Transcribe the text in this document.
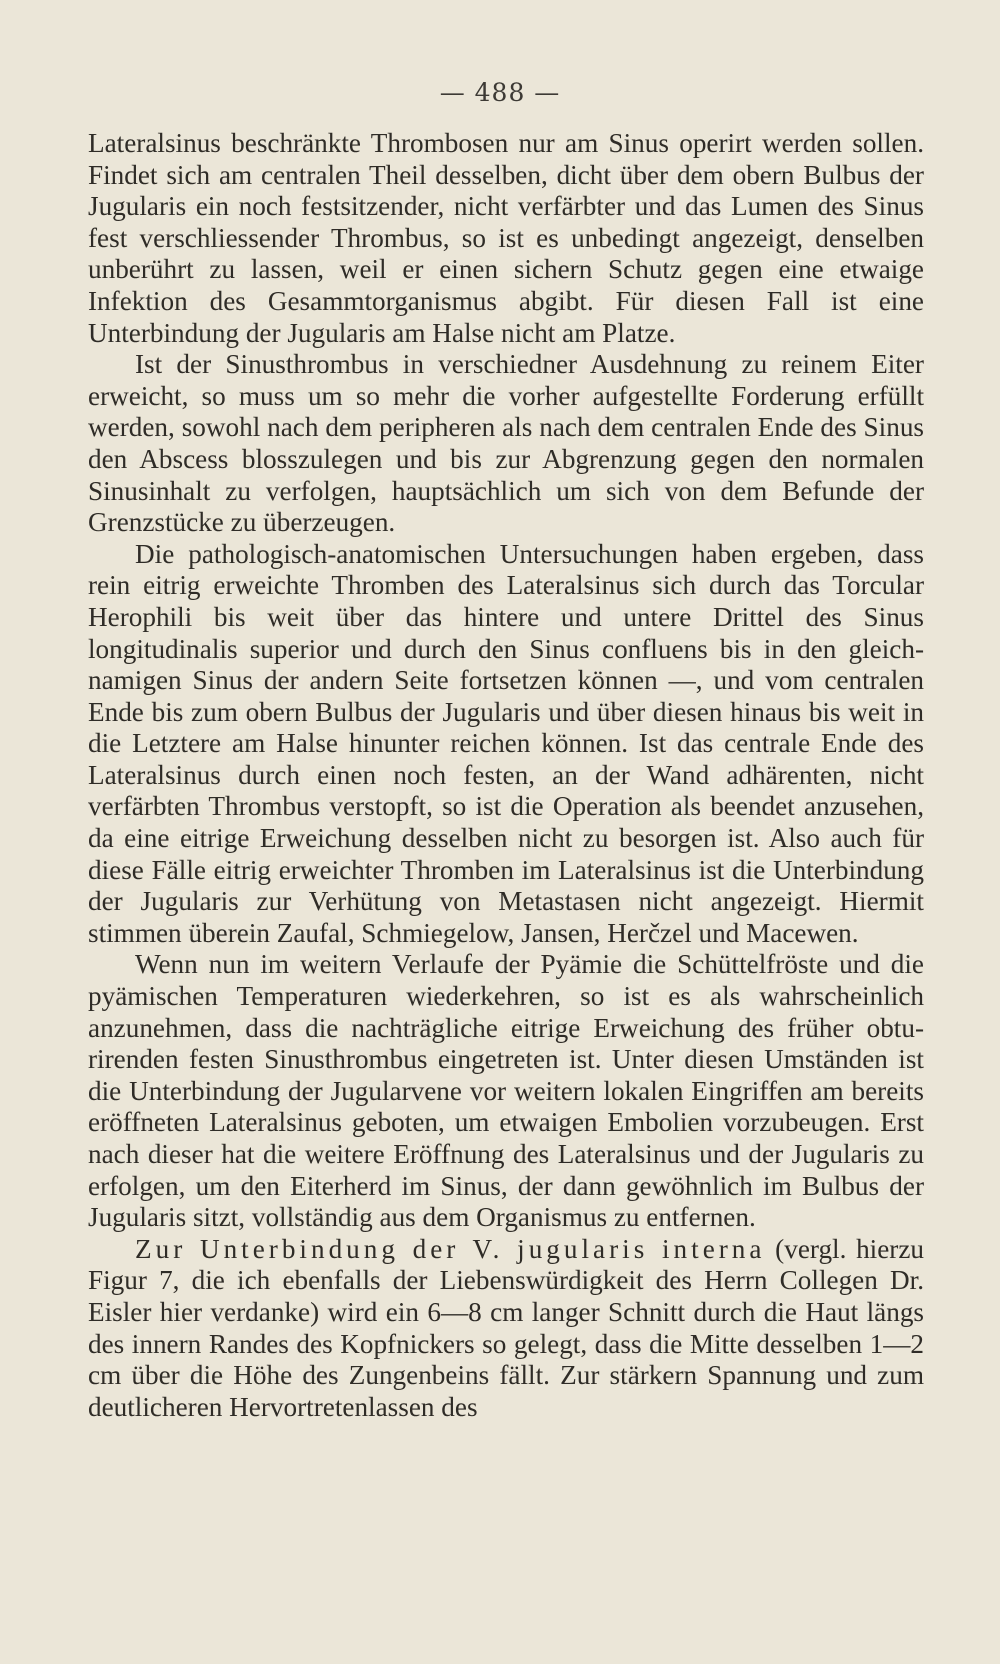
— 488 —

Lateralsinus beschränkte Thrombosen nur am Sinus operirt werden sollen. Findet sich am centralen Theil desselben, dicht über dem obern Bulbus der Jugularis ein noch festsitzender, nicht verfärbter und das Lumen des Sinus fest verschliessender Thrombus, so ist es unbedingt angezeigt, denselben unberührt zu lassen, weil er einen sichern Schutz gegen eine etwaige Infektion des Gesammtorganismus abgibt. Für diesen Fall ist eine Unterbindung der Jugularis am Halse nicht am Platze.

Ist der Sinusthrombus in verschiedner Ausdehnung zu reinem Eiter erweicht, so muss um so mehr die vorher aufgestellte Forderung erfüllt werden, sowohl nach dem peripheren als nach dem centralen Ende des Sinus den Abscess blosszulegen und bis zur Abgrenzung gegen den normalen Sinusinhalt zu verfolgen, hauptsächlich um sich von dem Befunde der Grenzstücke zu überzeugen.

Die pathologisch-anatomischen Untersuchungen haben ergeben, dass rein eitrig erweichte Thromben des Lateralsinus sich durch das Torcular Herophili bis weit über das hintere und untere Drittel des Sinus longitudinalis superior und durch den Sinus confluens bis in den gleichnamigen Sinus der andern Seite fortsetzen können —, und vom centralen Ende bis zum obern Bulbus der Jugularis und über diesen hinaus bis weit in die Letztere am Halse hinunter reichen können. Ist das centrale Ende des Lateralsinus durch einen noch festen, an der Wand adhärenten, nicht verfärbten Thrombus verstopft, so ist die Operation als beendet anzusehen, da eine eitrige Erweichung desselben nicht zu besorgen ist. Also auch für diese Fälle eitrig erweichter Thromben im Lateralsinus ist die Unterbindung der Jugularis zur Verhütung von Metastasen nicht angezeigt. Hiermit stimmen überein Zaufal, Schmiegelow, Jansen, Herčzel und Macewen.

Wenn nun im weitern Verlaufe der Pyämie die Schüttelfröste und die pyämischen Temperaturen wiederkehren, so ist es als wahrscheinlich anzunehmen, dass die nachträgliche eitrige Erweichung des früher obturirenden festen Sinusthrombus eingetreten ist. Unter diesen Umständen ist die Unterbindung der Jugularvene vor weitern lokalen Eingriffen am bereits eröffneten Lateralsinus geboten, um etwaigen Embolien vorzubeugen. Erst nach dieser hat die weitere Eröffnung des Lateralsinus und der Jugularis zu erfolgen, um den Eiterherd im Sinus, der dann gewöhnlich im Bulbus der Jugularis sitzt, vollständig aus dem Organismus zu entfernen.

Zur Unterbindung der V. jugularis interna (vergl. hierzu Figur 7, die ich ebenfalls der Liebenswürdigkeit des Herrn Collegen Dr. Eisler hier verdanke) wird ein 6—8 cm langer Schnitt durch die Haut längs des innern Randes des Kopfnickers so gelegt, dass die Mitte desselben 1—2 cm über die Höhe des Zungenbeins fällt. Zur stärkern Spannung und zum deutlicheren Hervortretenlassen des
